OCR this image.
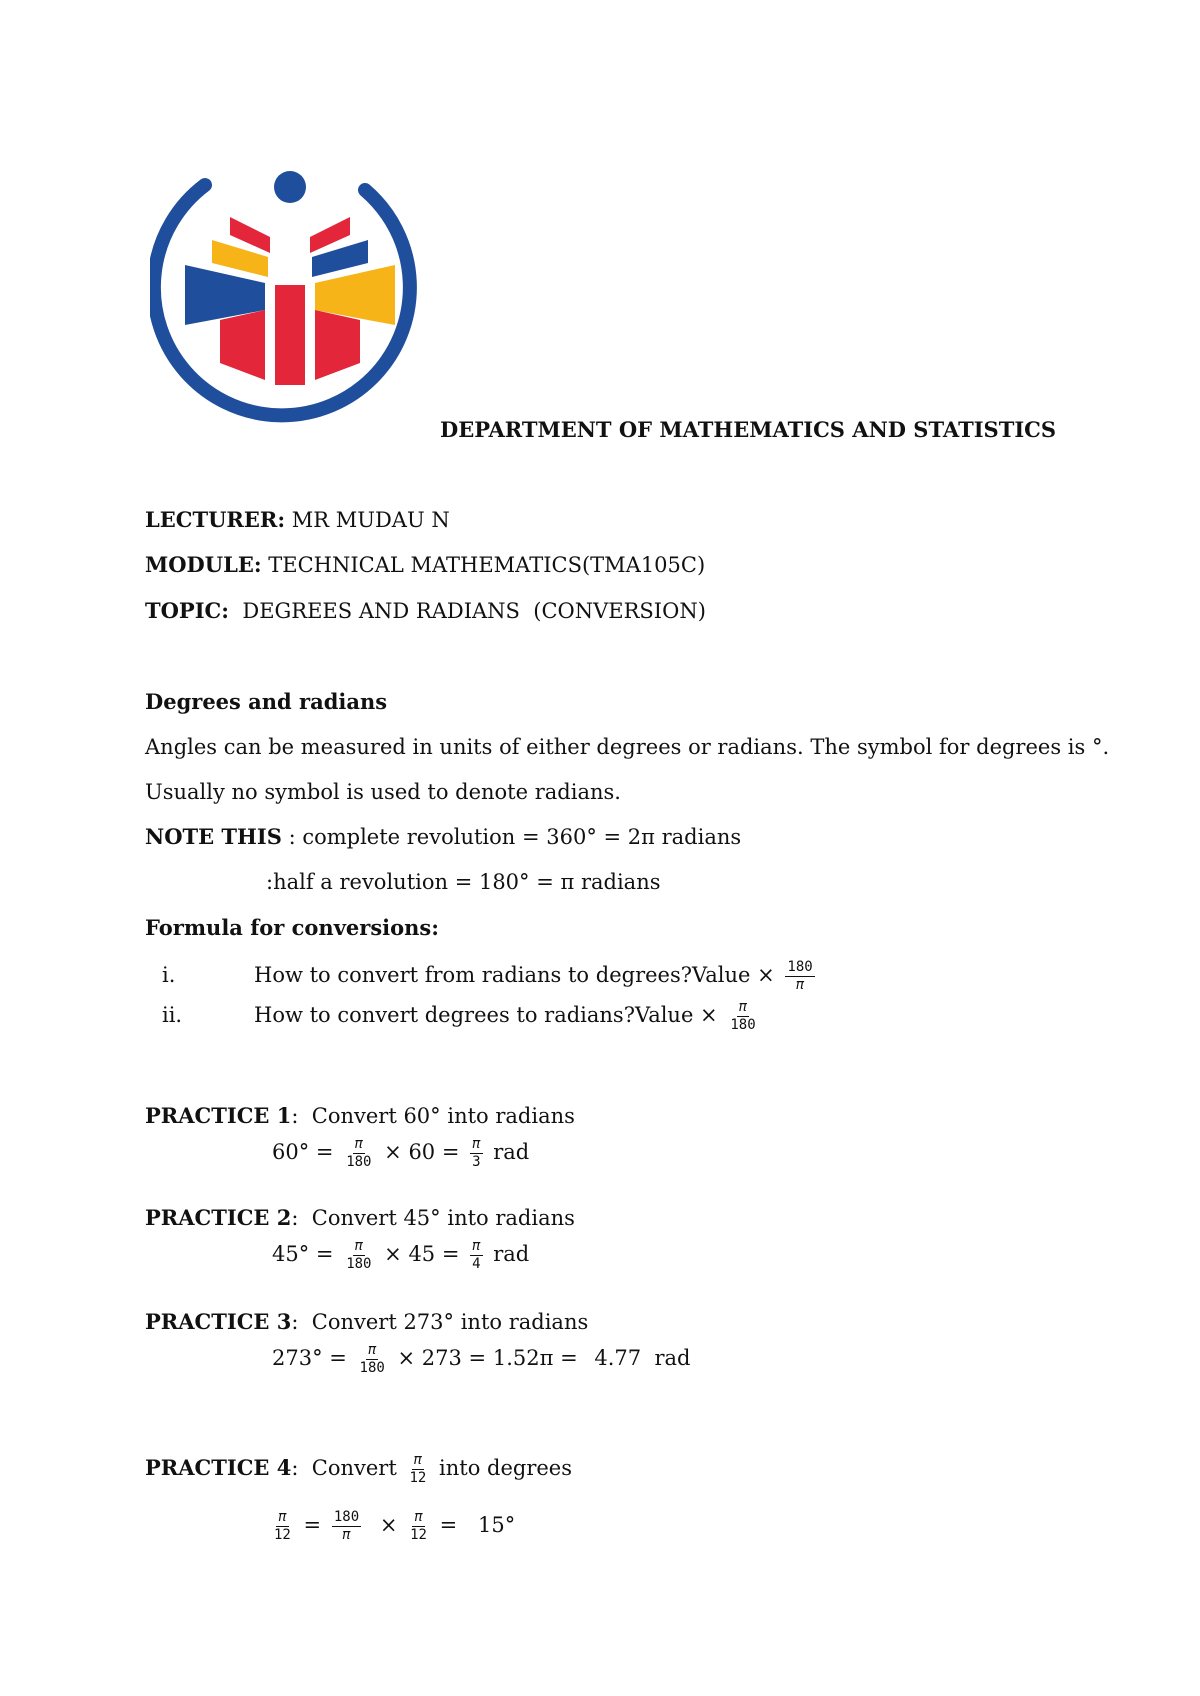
DEPARTMENT OF MATHEMATICS AND STATISTICS
LECTURER: MR MUDAU N
MODULE: TECHNICAL MATHEMATICS(TMA105C)
TOPIC:  DEGREES AND RADIANS  (CONVERSION)
Degrees and radians
Angles can be measured in units of either degrees or radians. The symbol for degrees is °.
Usually no symbol is used to denote radians.
NOTE THIS : complete revolution = 360° = 2π radians
:half a revolution = 180° = π radians
Formula for conversions:
i.	How to convert from radians to degrees?Value × $\frac{180}{\pi}$
ii.	How to convert degrees to radians?Value × $\frac{\pi}{180}$
PRACTICE 1:  Convert 60° into radians
$60^\circ = \frac{\pi}{180} \times 60 = \frac{\pi}{3}$ rad
PRACTICE 2:  Convert 45° into radians
$45^\circ = \frac{\pi}{180} \times 45 = \frac{\pi}{4}$ rad
PRACTICE 3:  Convert 273° into radians
$273^\circ = \frac{\pi}{180} \times 273 = 1.52\pi = 4.77$  rad
PRACTICE 4:  Convert $\frac{\pi}{12}$ into degrees
$\frac{\pi}{12} = \frac{180}{\pi} \times \frac{\pi}{12} = 15^\circ$
